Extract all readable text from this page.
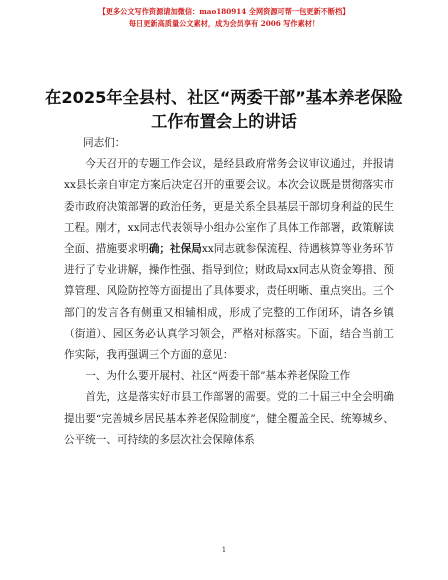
【更多公文写作资源请加微信：mao180914 全网资源可帮一包更新不断档】
每日更新高质量公文素材，成为会员享有 2006 写作素材！
在2025年全县村、社区“两委干部”基本养老保险工作布置会上的讲话

同志们：

今天召开的专题工作会议，是经县政府常务会议审议通过，并报请xx县长亲自审定方案后决定召开的重要会议。本次会议既是贯彻落实市委市政府决策部署的政治任务，更是关系全县基层干部切身利益的民生工程。刚才，xx同志代表领导小组办公室作了具体工作部署，政策解读全面、措施要求明确；社保局xx同志就参保流程、待遇核算等业务环节进行了专业讲解，操作性强、指导到位；财政局xx同志从资金筹措、预算管理、风险防控等方面提出了具体要求，责任明晰、重点突出。三个部门的发言各有侧重又相辅相成，形成了完整的工作闭环，请各乡镇（街道）、园区务必认真学习领会，严格对标落实。下面，结合当前工作实际，我再强调三个方面的意见：

一、为什么要开展村、社区“两委干部”基本养老保险工作

首先，这是落实好市县工作部署的需要。党的二十届三中全会明确提出要“完善城乡居民基本养老保险制度”，健全覆盖全民、统筹城乡、公平统一、可持续的多层次社会保障体系

1
